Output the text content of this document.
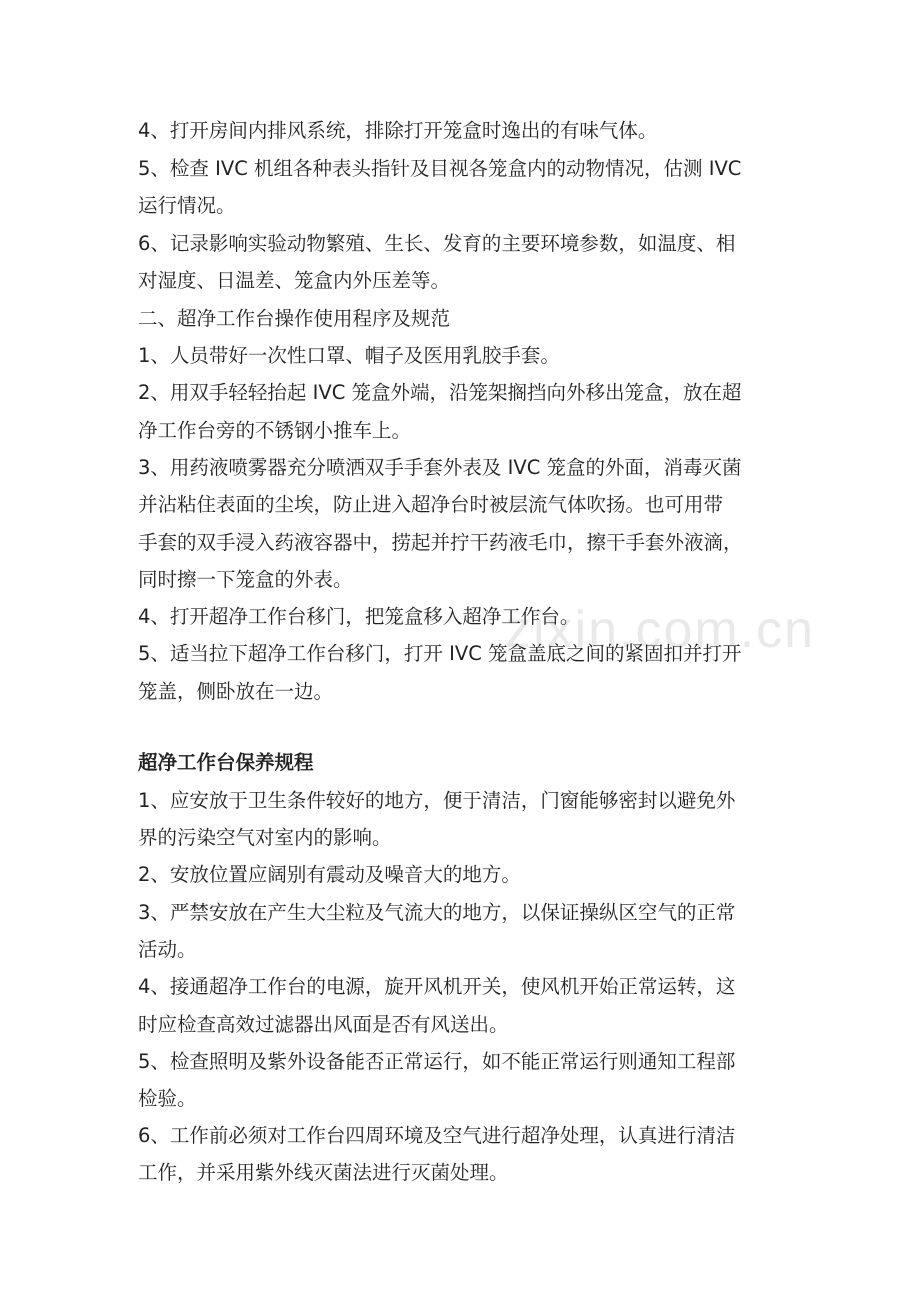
zixin.com.cn
4、打开房间内排风系统，排除打开笼盒时逸出的有味气体。
5、检查 IVC 机组各种表头指针及目视各笼盒内的动物情况，估测 IVC
运行情况。
6、记录影响实验动物繁殖、生长、发育的主要环境参数，如温度、相
对湿度、日温差、笼盒内外压差等。
二、超净工作台操作使用程序及规范
1、人员带好一次性口罩、帽子及医用乳胶手套。
2、用双手轻轻抬起 IVC 笼盒外端，沿笼架搁挡向外移出笼盒，放在超
净工作台旁的不锈钢小推车上。
3、用药液喷雾器充分喷洒双手手套外表及 IVC 笼盒的外面，消毒灭菌
并沾粘住表面的尘埃，防止进入超净台时被层流气体吹扬。也可用带
手套的双手浸入药液容器中，捞起并拧干药液毛巾，擦干手套外液滴，
同时擦一下笼盒的外表。
4、打开超净工作台移门，把笼盒移入超净工作台。
5、适当拉下超净工作台移门，打开 IVC 笼盒盖底之间的紧固扣并打开
笼盖，侧卧放在一边。
超净工作台保养规程
1、应安放于卫生条件较好的地方，便于清洁，门窗能够密封以避免外
界的污染空气对室内的影响。
2、安放位置应阔别有震动及噪音大的地方。
3、严禁安放在产生大尘粒及气流大的地方，以保证操纵区空气的正常
活动。
4、接通超净工作台的电源，旋开风机开关，使风机开始正常运转，这
时应检查高效过滤器出风面是否有风送出。
5、检查照明及紫外设备能否正常运行，如不能正常运行则通知工程部
检验。
6、工作前必须对工作台四周环境及空气进行超净处理，认真进行清洁
工作，并采用紫外线灭菌法进行灭菌处理。
